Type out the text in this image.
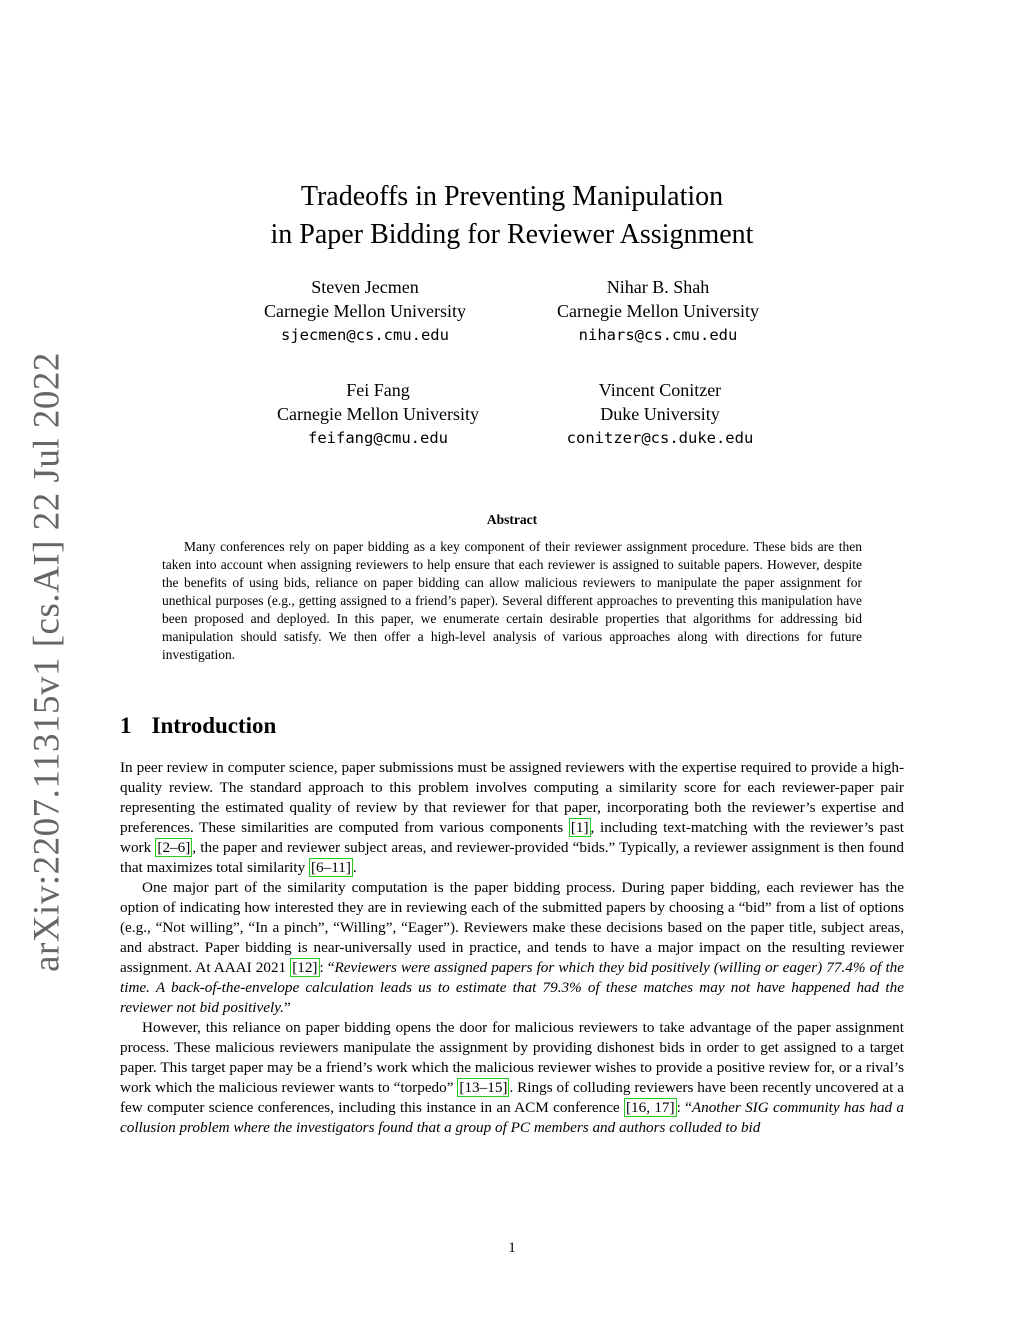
arXiv:2207.11315v1 [cs.AI] 22 Jul 2022
Tradeoffs in Preventing Manipulation
in Paper Bidding for Reviewer Assignment
Steven Jecmen
Carnegie Mellon University
sjecmen@cs.cmu.edu
Nihar B. Shah
Carnegie Mellon University
nihars@cs.cmu.edu
Fei Fang
Carnegie Mellon University
feifang@cmu.edu
Vincent Conitzer
Duke University
conitzer@cs.duke.edu
Abstract

Many conferences rely on paper bidding as a key component of their reviewer assignment procedure. These bids are then taken into account when assigning reviewers to help ensure that each reviewer is assigned to suitable papers. However, despite the benefits of using bids, reliance on paper bidding can allow malicious reviewers to manipulate the paper assignment for unethical purposes (e.g., getting assigned to a friend’s paper). Several different approaches to preventing this manipulation have been proposed and deployed. In this paper, we enumerate certain desirable properties that algorithms for addressing bid manipulation should satisfy. We then offer a high-level analysis of various approaches along with directions for future investigation.

1 Introduction

In peer review in computer science, paper submissions must be assigned reviewers with the expertise required to provide a high-quality review. The standard approach to this problem involves computing a similarity score for each reviewer-paper pair representing the estimated quality of review by that reviewer for that paper, incorporating both the reviewer’s expertise and preferences. These similarities are computed from various components [1] , including text-matching with the reviewer’s past work [2–6] , the paper and reviewer subject areas, and reviewer-provided “bids.” Typically, a reviewer assignment is then found that maximizes total similarity [6–11] .

One major part of the similarity computation is the paper bidding process. During paper bidding, each reviewer has the option of indicating how interested they are in reviewing each of the submitted papers by choosing a “bid” from a list of options (e.g., “Not willing”, “In a pinch”, “Willing”, “Eager”). Reviewers make these decisions based on the paper title, subject areas, and abstract. Paper bidding is near-universally used in practice, and tends to have a major impact on the resulting reviewer assignment. At AAAI 2021 [12] : “Reviewers were assigned papers for which they bid positively (willing or eager) 77.4% of the time. A back-of-the-envelope calculation leads us to estimate that 79.3% of these matches may not have happened had the reviewer not bid positively.”

However, this reliance on paper bidding opens the door for malicious reviewers to take advantage of the paper assignment process. These malicious reviewers manipulate the assignment by providing dishonest bids in order to get assigned to a target paper. This target paper may be a friend’s work which the malicious reviewer wishes to provide a positive review for, or a rival’s work which the malicious reviewer wants to “torpedo” [13–15] . Rings of colluding reviewers have been recently uncovered at a few computer science conferences, including this instance in an ACM conference [16, 17] : “Another SIG community has had a collusion problem where the investigators found that a group of PC members and authors colluded to bid

1
